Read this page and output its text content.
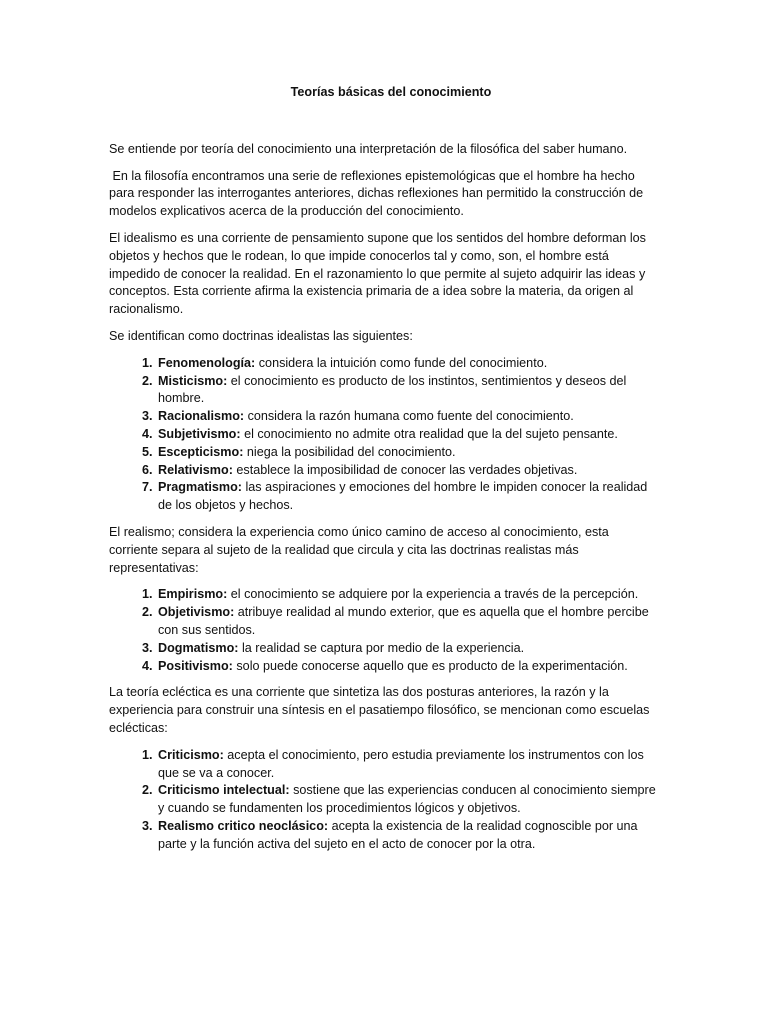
Teorías básicas del conocimiento

Se entiende por teoría del conocimiento una interpretación de la filosófica del saber humano.

En la filosofía encontramos una serie de reflexiones epistemológicas que el hombre ha hecho para responder las interrogantes anteriores, dichas reflexiones han permitido la construcción de modelos explicativos acerca de la producción del conocimiento.

El idealismo es una corriente de pensamiento supone que los sentidos del hombre deforman los objetos y hechos que le rodean, lo que impide conocerlos tal y como, son, el hombre está impedido de conocer la realidad. En el razonamiento lo que permite al sujeto adquirir las ideas y conceptos. Esta corriente afirma la existencia primaria de a idea sobre la materia, da origen al racionalismo.

Se identifican como doctrinas idealistas las siguientes:

1. Fenomenología: considera la intuición como funde del conocimiento.
2. Misticismo: el conocimiento es producto de los instintos, sentimientos y deseos del hombre.
3. Racionalismo: considera la razón humana como fuente del conocimiento.
4. Subjetivismo: el conocimiento no admite otra realidad que la del sujeto pensante.
5. Escepticismo: niega la posibilidad del conocimiento.
6. Relativismo: establece la imposibilidad de conocer las verdades objetivas.
7. Pragmatismo: las aspiraciones y emociones del hombre le impiden conocer la realidad de los objetos y hechos.

El realismo; considera la experiencia como único camino de acceso al conocimiento, esta corriente separa al sujeto de la realidad que circula y cita las doctrinas realistas más representativas:

1. Empirismo: el conocimiento se adquiere por la experiencia a través de la percepción.
2. Objetivismo: atribuye realidad al mundo exterior, que es aquella que el hombre percibe con sus sentidos.
3. Dogmatismo: la realidad se captura por medio de la experiencia.
4. Positivismo: solo puede conocerse aquello que es producto de la experimentación.

La teoría ecléctica es una corriente que sintetiza las dos posturas anteriores, la razón y la experiencia para construir una síntesis en el pasatiempo filosófico, se mencionan como escuelas eclécticas:

1. Criticismo: acepta el conocimiento, pero estudia previamente los instrumentos con los que se va a conocer.
2. Criticismo intelectual: sostiene que las experiencias conducen al conocimiento siempre y cuando se fundamenten los procedimientos lógicos y objetivos.
3. Realismo critico neoclásico: acepta la existencia de la realidad cognoscible por una parte y la función activa del sujeto en el acto de conocer por la otra.
